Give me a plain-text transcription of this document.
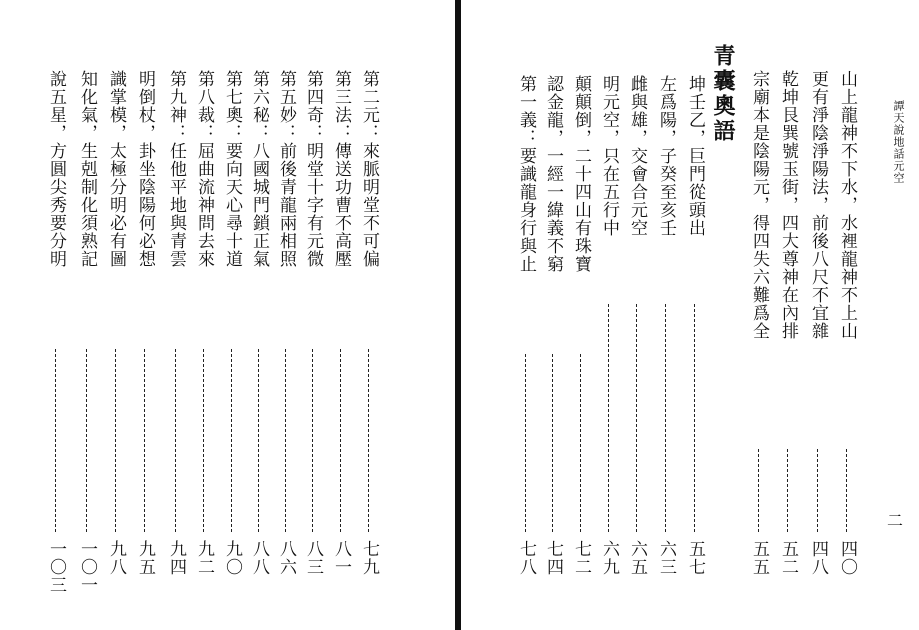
青囊奧語	譚天說地話元空
二
山上龍神不下水，水裡龍神不上山
四〇
更有淨陰淨陽法，前後八尺不宜雜
四八
乾坤艮巽號玉街，四大尊神在內排
五二
宗廟本是陰陽元，得四失六難爲全
五五
坤壬乙，巨門從頭出
五七
左爲陽，子癸至亥壬
六三
雌與雄，交會合元空
六五
明元空，只在五行中
六九
顛顛倒，二十四山有珠寶
七二
認金龍，一經一緯義不窮
七四
第一義：要識龍身行與止
七八
第二元：來脈明堂不可偏
七九
第三法：傳送功曹不高壓
八一
第四奇：明堂十字有元微
八三
第五妙：前後青龍兩相照
八六
第六秘：八國城門鎖正氣
八八
第七奧：要向天心尋十道
九〇
第八裁：屈曲流神問去來
九二
第九神：任他平地與青雲
九四
明倒杖，卦坐陰陽何必想
九五
識掌模，太極分明必有圖
九八
知化氣，生剋制化須熟記
一〇一
說五星，方圓尖秀要分明
一〇三
